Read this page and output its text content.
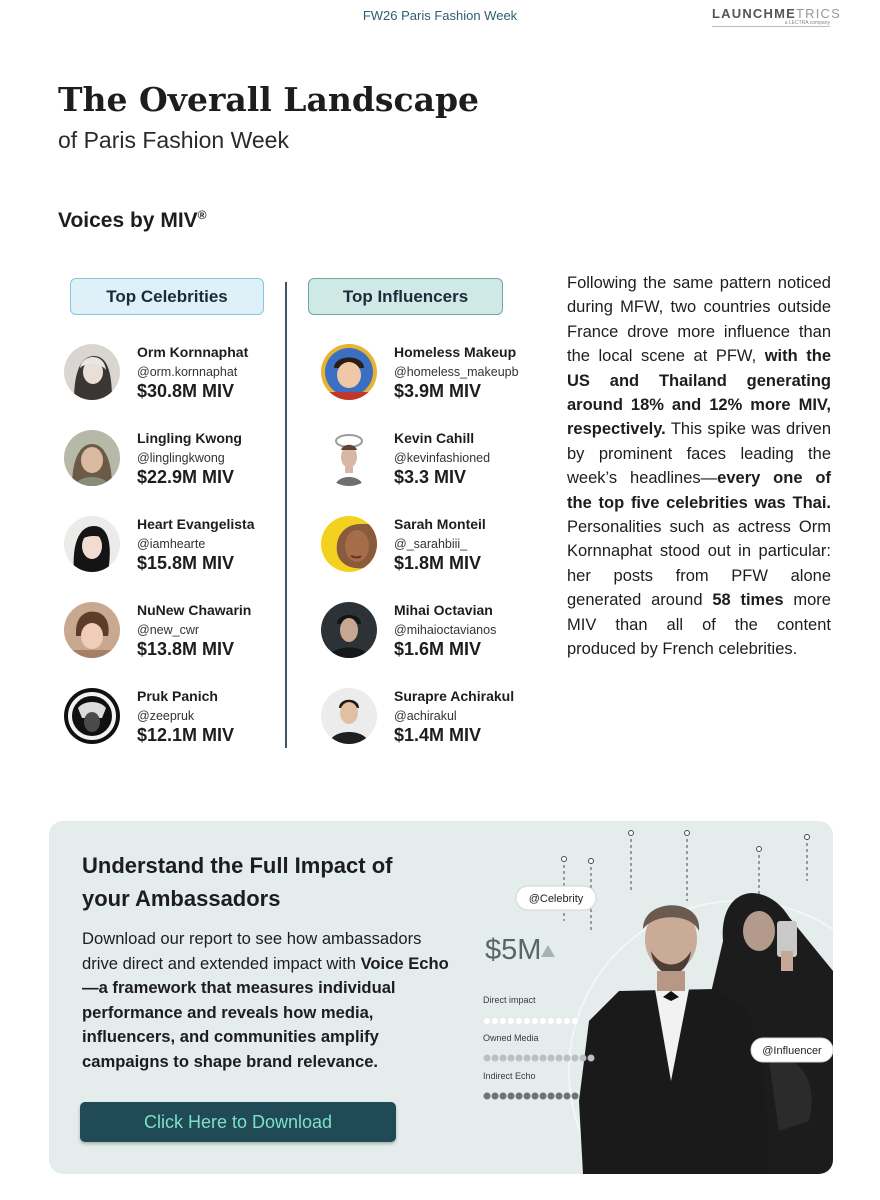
FW26 Paris Fashion Week	LAUNCHMETRICS
a LECTRA company
The Overall Landscape
of Paris Fashion Week
Voices by MIV®
Top Celebrities	Top Influencers
Orm Kornnaphat
@orm.kornnaphat
$30.8M MIV
Lingling Kwong
@linglingkwong
$22.9M MIV
Heart Evangelista
@iamhearte
$15.8M MIV
NuNew Chawarin
@new_cwr
$13.8M MIV
Pruk Panich
@zeepruk
$12.1M MIV
Homeless Makeup
@homeless_makeupb
$3.9M MIV
Kevin Cahill
@kevinfashioned
$3.3 MIV
Sarah Monteil
@_sarahbiii_
$1.8M MIV
Mihai Octavian
@mihaioctavianos
$1.6M MIV
Surapre Achirakul
@achirakul
$1.4M MIV
Following the same pattern noticed during MFW, two countries outside France drove more influence than the local scene at PFW, with the US and Thailand generating around 18% and 12% more MIV, respectively. This spike was driven by prominent faces leading the week’s headlines—every one of the top five celebrities was Thai. Personalities such as actress Orm Kornnaphat stood out in particular: her posts from PFW alone generated around 58 times more MIV than all of the content produced by French celebrities.
Understand the Full Impact of your Ambassadors
Download our report to see how ambassadors drive direct and extended impact with Voice Echo—a framework that measures individual performance and reveals how media, influencers, and communities amplify campaigns to shape brand relevance.
Click Here to Download
@Celebrity
@Influencer
$5M
Direct impact
Owned Media
Indirect Echo
